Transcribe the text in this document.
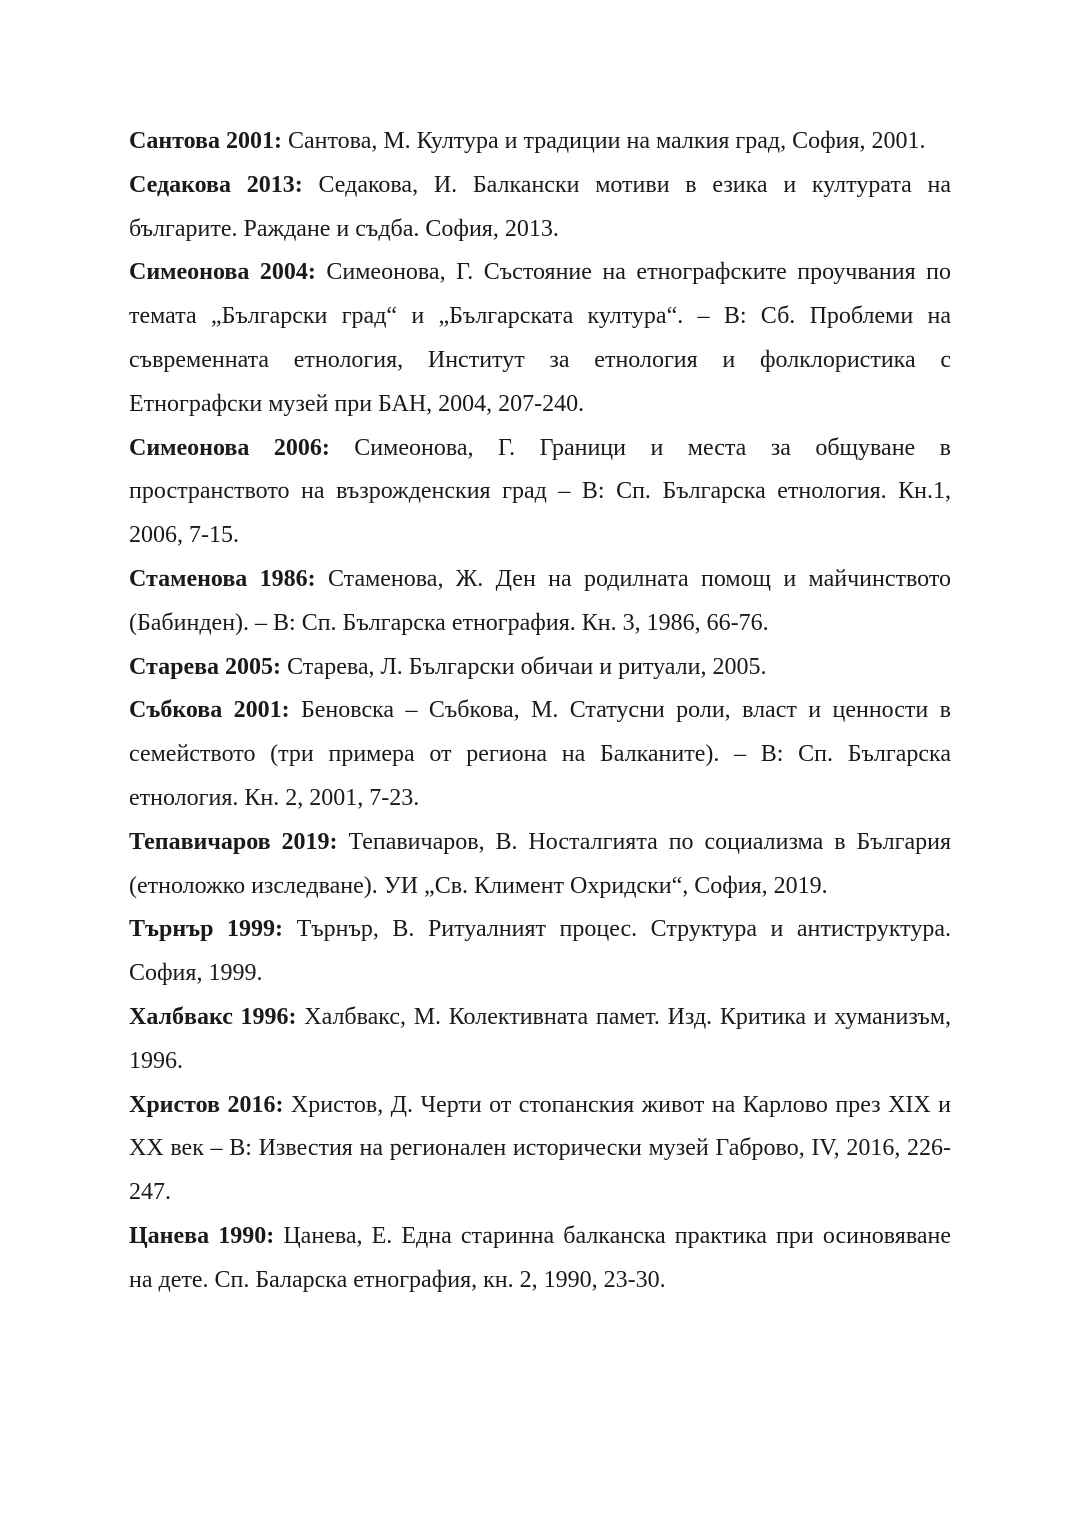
Сантова 2001: Сантова, М. Култура и традиции на малкия град, София, 2001.

Седакова 2013: Седакова, И. Балкански мотиви в езика и културата на българите. Раждане и съдба. София, 2013.

Симеонова 2004: Симеонова, Г. Състояние на етнографските проучвания по темата „Български град“ и „Българската култура“. – В: Сб. Проблеми на съвременната етнология, Институт за етнология и фолклористика с Етнографски музей при БАН, 2004, 207-240.

Симеонова 2006: Симеонова, Г. Граници и места за общуване в пространството на възрожденския град – В: Сп. Българска етнология. Кн.1, 2006, 7-15.

Стаменова 1986: Стаменова, Ж. Ден на родилната помощ и майчинството (Бабинден). – В: Сп. Българска етнография. Кн. 3, 1986, 66-76.

Старева 2005: Старева, Л. Български обичаи и ритуали, 2005.

Събкова 2001: Бенoвска – Събкова, М. Статусни роли, власт и ценности в семейството (три примера от региона на Балканите). – В: Сп. Българска етнология. Кн. 2, 2001, 7-23.

Тепавичаров 2019: Тепавичаров, В. Носталгията по социализма в България (етноложко изследване). УИ „Св. Климент Охридски“, София, 2019.

Търнър 1999: Търнър, В. Ритуалният процес. Структура и антиструктура. София, 1999.

Халбвакс 1996: Халбвакс, М. Колективната памет. Изд. Критика и хуманизъм, 1996.

Христов 2016: Христов, Д. Черти от стопанския живот на Карлово през XIX и XX век – В: Известия на регионален исторически музей Габрово, IV, 2016, 226-247.

Цанева 1990: Цанева, Е. Една старинна балканска практика при осиновяване на дете. Сп. Баларска етнография, кн. 2, 1990, 23-30.
